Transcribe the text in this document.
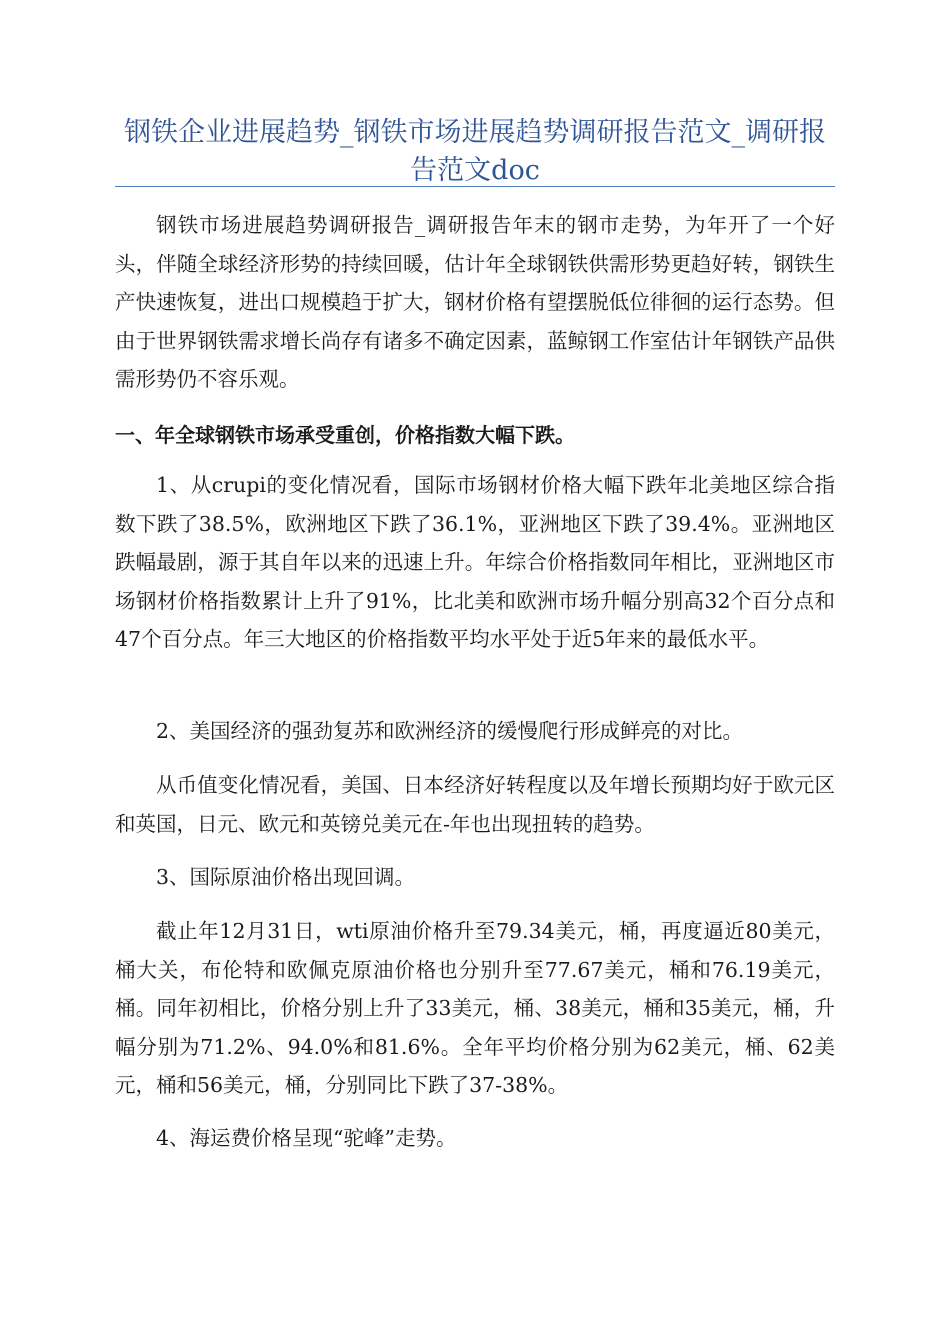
钢铁企业进展趋势_钢铁市场进展趋势调研报告范文_调研报告范文doc

钢铁市场进展趋势调研报告_调研报告年末的钢市走势，为年开了一个好头，伴随全球经济形势的持续回暖，估计年全球钢铁供需形势更趋好转，钢铁生产快速恢复，进出口规模趋于扩大，钢材价格有望摆脱低位徘徊的运行态势。但由于世界钢铁需求增长尚存有诸多不确定因素，蓝鲸钢工作室估计年钢铁产品供需形势仍不容乐观。

一、年全球钢铁市场承受重创，价格指数大幅下跌。

1、从crupi的变化情况看，国际市场钢材价格大幅下跌年北美地区综合指数下跌了38.5%，欧洲地区下跌了36.1%，亚洲地区下跌了39.4%。亚洲地区跌幅最剧，源于其自年以来的迅速上升。年综合价格指数同年相比，亚洲地区市场钢材价格指数累计上升了91%，比北美和欧洲市场升幅分别高32个百分点和47个百分点。年三大地区的价格指数平均水平处于近5年来的最低水平。

2、美国经济的强劲复苏和欧洲经济的缓慢爬行形成鲜亮的对比。

从币值变化情况看，美国、日本经济好转程度以及年增长预期均好于欧元区和英国，日元、欧元和英镑兑美元在-年也出现扭转的趋势。

3、国际原油价格出现回调。

截止年12月31日，wti原油价格升至79.34美元，桶，再度逼近80美元，桶大关，布伦特和欧佩克原油价格也分别升至77.67美元，桶和76.19美元，桶。同年初相比，价格分别上升了33美元，桶、38美元，桶和35美元，桶，升幅分别为71.2%、94.0%和81.6%。全年平均价格分别为62美元，桶、62美元，桶和56美元，桶，分别同比下跌了37-38%。

4、海运费价格呈现“驼峰”走势。
